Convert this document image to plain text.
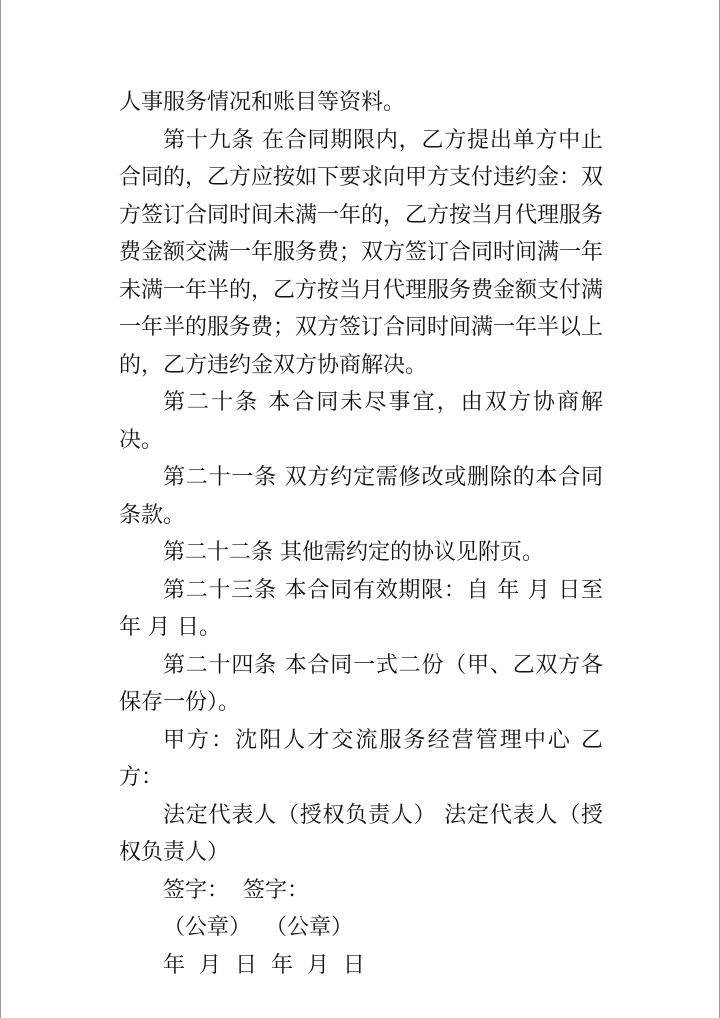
人事服务情况和账目等资料。

第十九条 在合同期限内，乙方提出单方中止合同的，乙方应按如下要求向甲方支付违约金：双方签订合同时间未满一年的，乙方按当月代理服务费金额交满一年服务费；双方签订合同时间满一年未满一年半的，乙方按当月代理服务费金额支付满一年半的服务费；双方签订合同时间满一年半以上的，乙方违约金双方协商解决。

第二十条 本合同未尽事宜，由双方协商解决。

第二十一条 双方约定需修改或删除的本合同条款。

第二十二条 其他需约定的协议见附页。

第二十三条 本合同有效期限：自 年 月 日至 年 月 日。

第二十四条 本合同一式二份（甲、乙双方各保存一份）。

甲方：沈阳人才交流服务经营管理中心 乙方：

法定代表人（授权负责人） 法定代表人（授权负责人）

签字：  签字：

（公章）  （公章）

年  月  日  年  月  日
